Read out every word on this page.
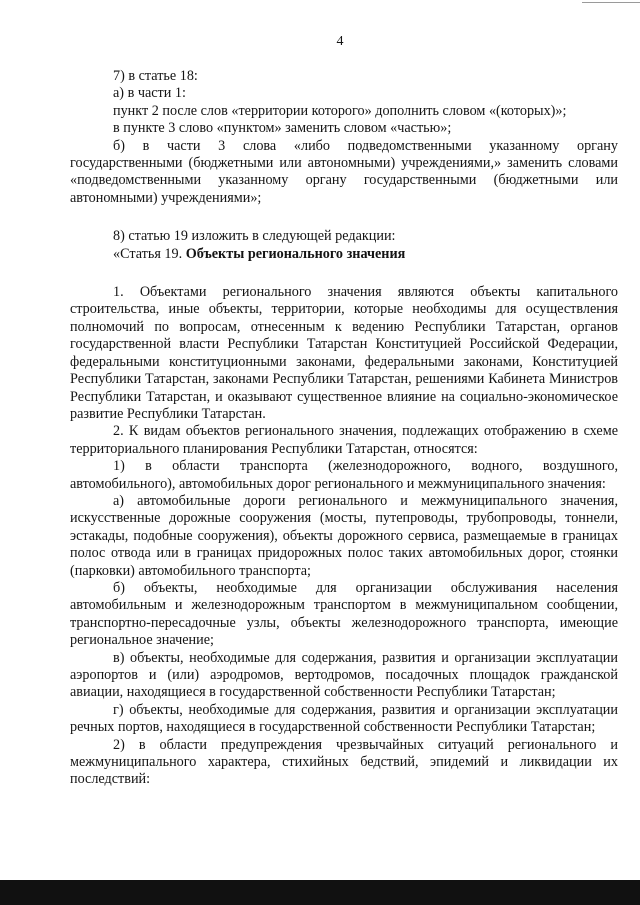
4

7) в статье 18:

а) в части 1:

пункт 2 после слов «территории которого» дополнить словом «(которых)»;

в пункте 3 слово «пунктом» заменить словом «частью»;

б) в части 3 слова «либо подведомственными указанному органу государственными (бюджетными или автономными) учреждениями,» заменить словами «подведомственными указанному органу государственными (бюджетными или автономными) учреждениями»;

8) статью 19 изложить в следующей редакции:

«Статья 19. Объекты регионального значения

1. Объектами регионального значения являются объекты капитального строительства, иные объекты, территории, которые необходимы для осуществления полномочий по вопросам, отнесенным к ведению Республики Татарстан, органов государственной власти Республики Татарстан Конституцией Российской Федерации, федеральными конституционными законами, федеральными законами, Конституцией Республики Татарстан, законами Республики Татарстан, решениями Кабинета Министров Республики Татарстан, и оказывают существенное влияние на социально-экономическое развитие Республики Татарстан.

2. К видам объектов регионального значения, подлежащих отображению в схеме территориального планирования Республики Татарстан, относятся:

1) в области транспорта (железнодорожного, водного, воздушного, автомобильного), автомобильных дорог регионального и межмуниципального значения:

а) автомобильные дороги регионального и межмуниципального значения, искусственные дорожные сооружения (мосты, путепроводы, трубопроводы, тоннели, эстакады, подобные сооружения), объекты дорожного сервиса, размещаемые в границах полос отвода или в границах придорожных полос таких автомобильных дорог, стоянки (парковки) автомобильного транспорта;

б) объекты, необходимые для организации обслуживания населения автомобильным и железнодорожным транспортом в межмуниципальном сообщении, транспортно-пересадочные узлы, объекты железнодорожного транспорта, имеющие региональное значение;

в) объекты, необходимые для содержания, развития и организации эксплуатации аэропортов и (или) аэродромов, вертодромов, посадочных площадок гражданской авиации, находящиеся в государственной собственности Республики Татарстан;

г) объекты, необходимые для содержания, развития и организации эксплуатации речных портов, находящиеся в государственной собственности Республики Татарстан;

2) в области предупреждения чрезвычайных ситуаций регионального и межмуниципального характера, стихийных бедствий, эпидемий и ликвидации их последствий:
